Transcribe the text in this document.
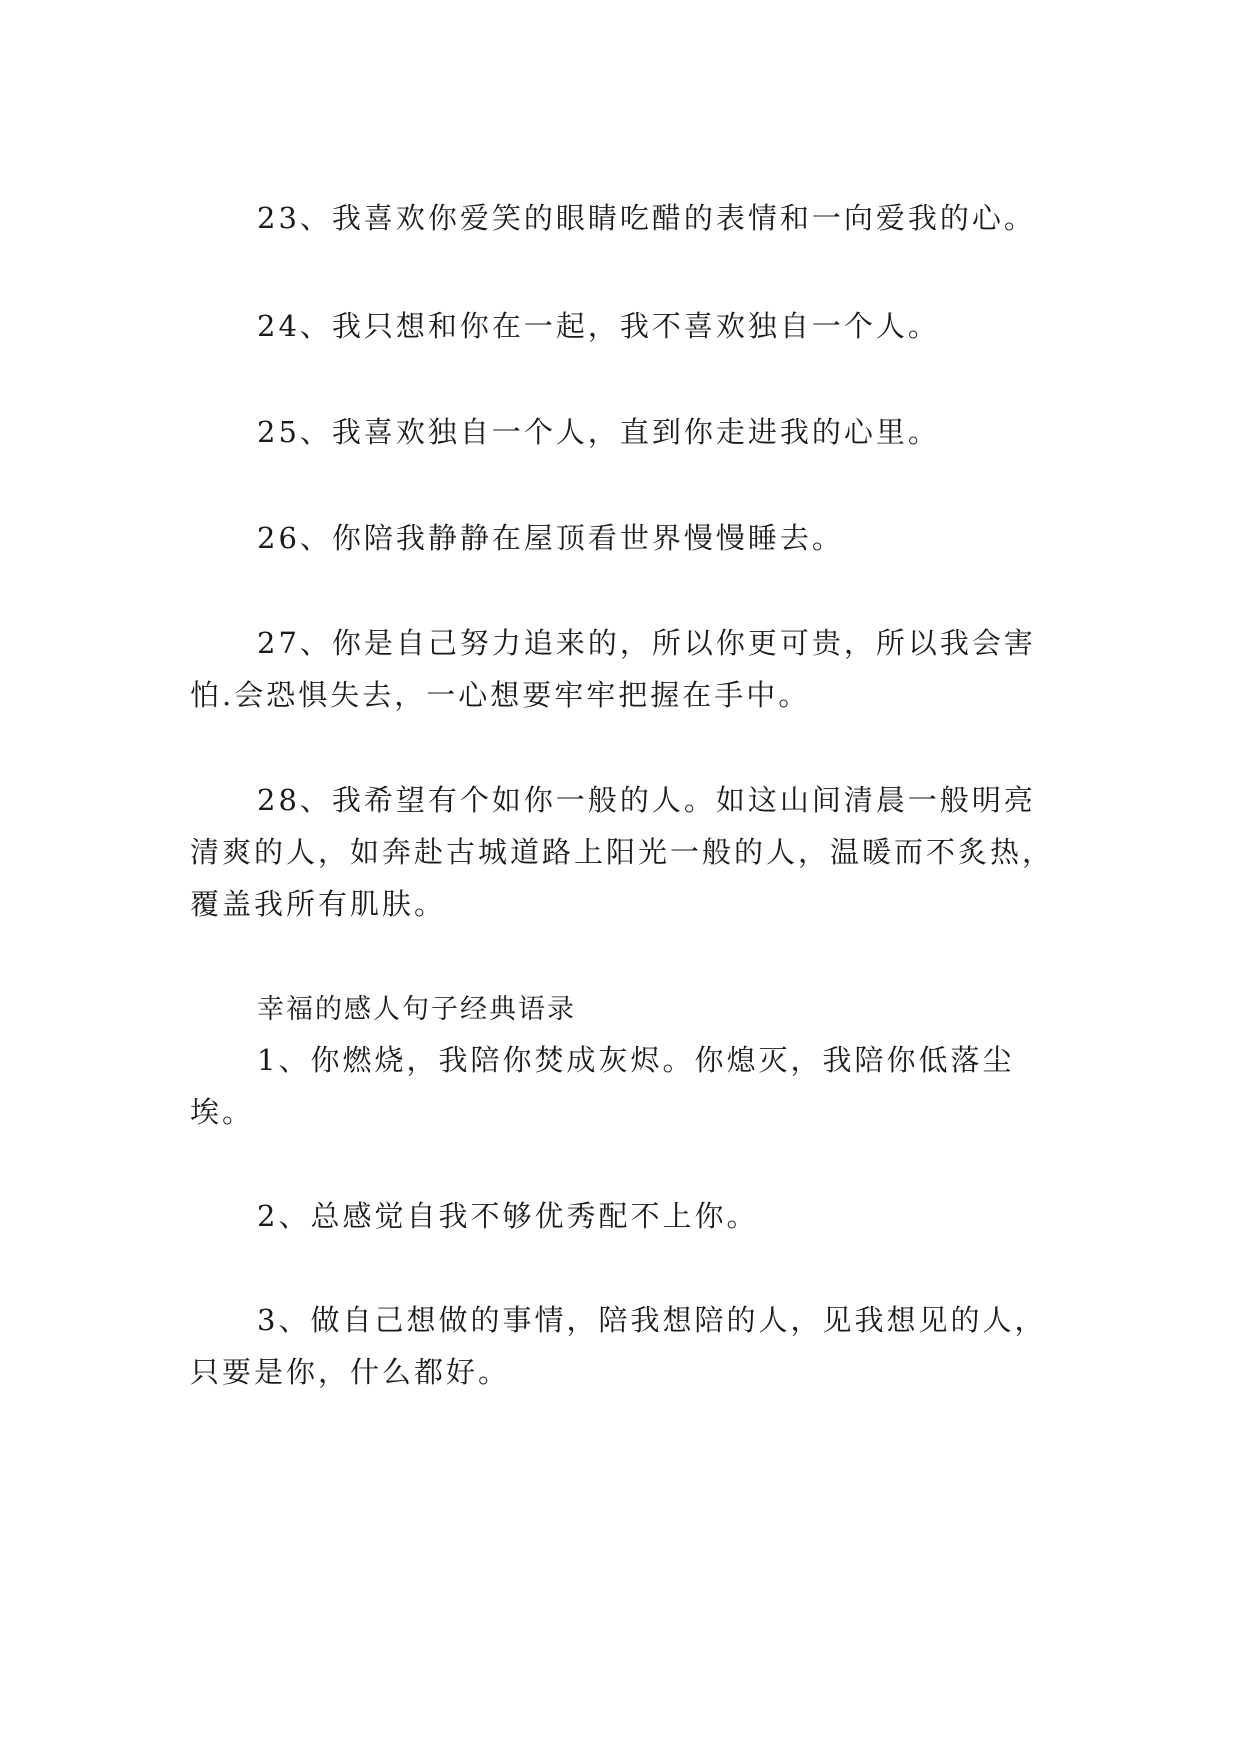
23、我喜欢你爱笑的眼睛吃醋的表情和一向爱我的心。
24、我只想和你在一起，我不喜欢独自一个人。
25、我喜欢独自一个人，直到你走进我的心里。
26、你陪我静静在屋顶看世界慢慢睡去。
27、你是自己努力追来的，所以你更可贵，所以我会害
怕.会恐惧失去，一心想要牢牢把握在手中。
28、我希望有个如你一般的人。如这山间清晨一般明亮
清爽的人，如奔赴古城道路上阳光一般的人，温暖而不炙热，
覆盖我所有肌肤。
幸福的感人句子经典语录
1、你燃烧，我陪你焚成灰烬。你熄灭，我陪你低落尘
埃。
2、总感觉自我不够优秀配不上你。
3、做自己想做的事情，陪我想陪的人，见我想见的人，
只要是你，什么都好。
